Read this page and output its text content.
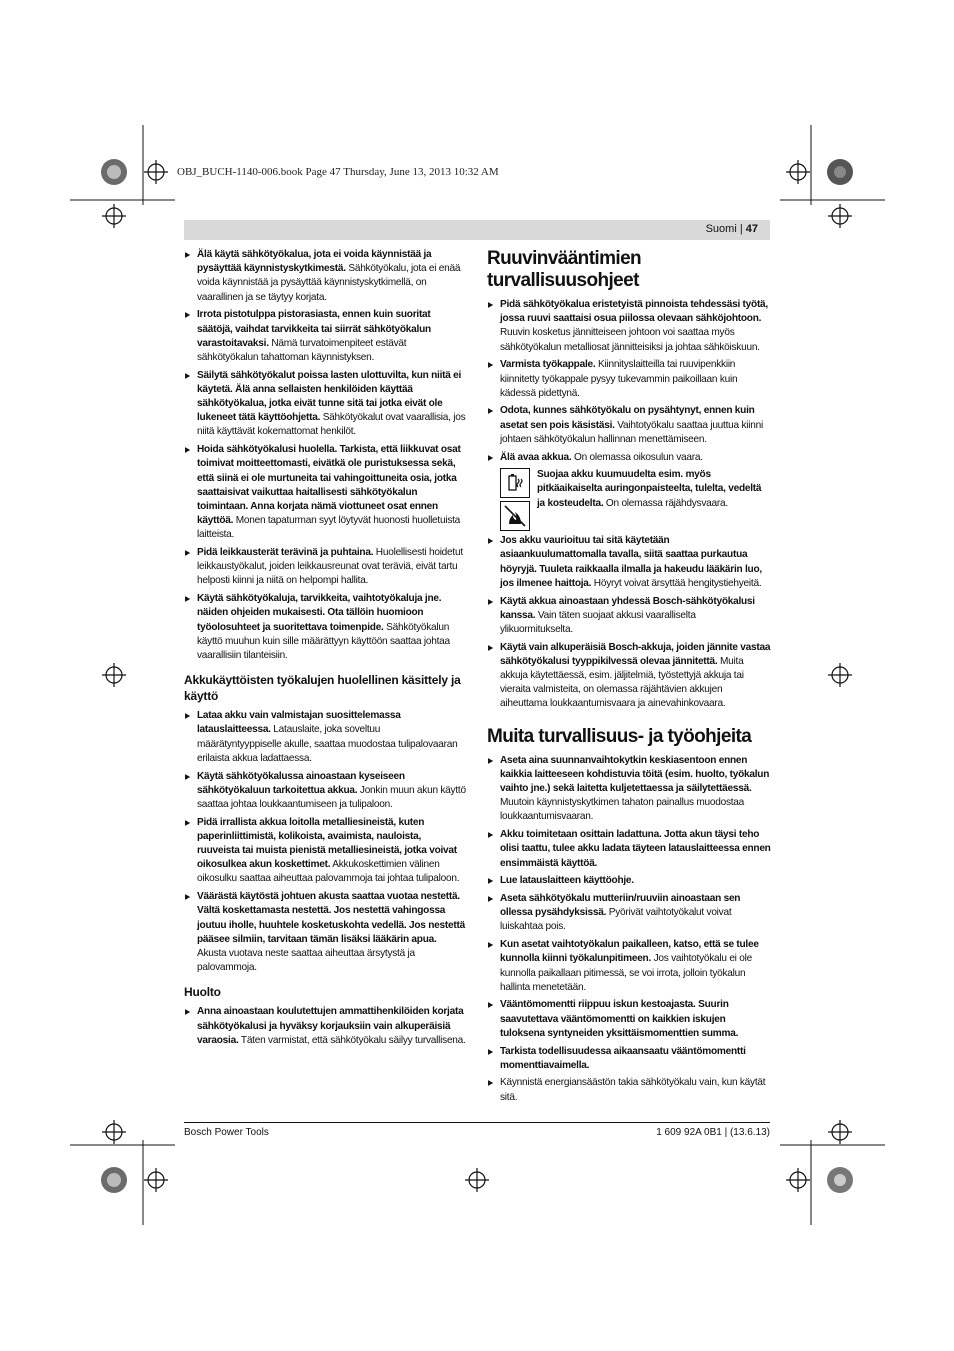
OBJ_BUCH-1140-006.book Page 47 Thursday, June 13, 2013 10:32 AM
Suomi | 47
▶ Älä käytä sähkötyökalua, jota ei voida käynnistää ja pysäyttää käynnistyskytkimestä. Sähkötyökalu, jota ei enää voida käynnistää ja pysäyttää käynnistyskytkimellä, on vaarallinen ja se täytyy korjata.
▶ Irrota pistotulppa pistorasiasta, ennen kuin suoritat säätöjä, vaihdat tarvikkeita tai siirrät sähkötyökalun varastoitavaksi. Nämä turvatoimenpiteet estävät sähkötyökalun tahattoman käynnistyksen.
▶ Säilytä sähkötyökalut poissa lasten ulottuvilta, kun niitä ei käytetä. Älä anna sellaisten henkilöiden käyttää sähkötyökalua, jotka eivät tunne sitä tai jotka eivät ole lukeneet tätä käyttöohjetta. Sähkötyökalut ovat vaarallisia, jos niitä käyttävät kokemattomat henkilöt.
▶ Hoida sähkötyökalusi huolella. Tarkista, että liikkuvat osat toimivat moitteettomasti, eivätkä ole puristuksessa sekä, että siinä ei ole murtuneita tai vahingoittuneita osia, jotka saattaisivat vaikuttaa haitallisesti sähkötyökalun toimintaan. Anna korjata nämä viottuneet osat ennen käyttöä. Monen tapaturman syyt löytyvät huonosti huolletuista laitteista.
▶ Pidä leikkausterät terävinä ja puhtaina. Huolellisesti hoidetut leikkaustyökalut, joiden leikkausreunat ovat teräviä, eivät tartu helposti kiinni ja niitä on helpompi hallita.
▶ Käytä sähkötyökaluja, tarvikkeita, vaihtotyökaluja jne. näiden ohjeiden mukaisesti. Ota tällöin huomioon työolosuhteet ja suoritettava toimenpide. Sähkötyökalun käyttö muuhun kuin sille määrättyyn käyttöön saattaa johtaa vaarallisiin tilanteisiin.
Akkukäyttöisten työkalujen huolellinen käsittely ja käyttö
▶ Lataa akku vain valmistajan suosittelemassa latauslaitteessa. Latauslaite, joka soveltuu määrätyntyyppiselle akulle, saattaa muodostaa tulipalovaaran erilaista akkua ladattaessa.
▶ Käytä sähkötyökalussa ainoastaan kyseiseen sähkötyökaluun tarkoitettua akkua. Jonkin muun akun käyttö saattaa johtaa loukkaantumiseen ja tulipaloon.
▶ Pidä irrallista akkua loitolla metalliesineistä, kuten paperinliittimistä, kolikoista, avaimista, nauloista, ruuveista tai muista pienistä metalliesineistä, jotka voivat oikosulkea akun koskettimet. Akkukoskettimien välinen oikosulku saattaa aiheuttaa palovammoja tai johtaa tulipaloon.
▶ Väärästä käytöstä johtuen akusta saattaa vuotaa nestettä. Vältä koskettamasta nestettä. Jos nestettä vahingossa joutuu iholle, huuhtele kosketuskohta vedellä. Jos nestettä pääsee silmiin, tarvitaan tämän lisäksi lääkärin apua. Akusta vuotava neste saattaa aiheuttaa ärsytystä ja palovammoja.
Huolto
▶ Anna ainoastaan koulutettujen ammattihenkilöiden korjata sähkötyökalusi ja hyväksy korjauksiin vain alkuperäisiä varaosia. Täten varmistat, että sähkötyökalu säilyy turvallisena.
Ruuvinvääntimien turvallisuusohjeet
▶ Pidä sähkötyökalua eristetyistä pinnoista tehdessäsi työtä, jossa ruuvi saattaisi osua piilossa olevaan sähköjohtoon. Ruuvin kosketus jännitteiseen johtoon voi saattaa myös sähkötyökalun metalliosat jännitteisiksi ja johtaa sähköiskuun.
▶ Varmista työkappale. Kiinnityslaitteilla tai ruuvipenkkiin kiinnitetty työkappale pysyy tukevammin paikoillaan kuin kädessä pidettynä.
▶ Odota, kunnes sähkötyökalu on pysähtynyt, ennen kuin asetat sen pois käsistäsi. Vaihtotyökalu saattaa juuttua kiinni johtaen sähkötyökalun hallinnan menettämiseen.
▶ Älä avaa akkua. On olemassa oikosulun vaara.
Suojaa akku kuumuudelta esim. myös pitkäaikaiselta auringonpaisteelta, tulelta, vedeltä ja kosteudelta. On olemassa räjähdysvaara.
▶ Jos akku vaurioituu tai sitä käytetään asiaankuulumattomalla tavalla, siitä saattaa purkautua höyryjä. Tuuleta raikkaalla ilmalla ja hakeudu lääkärin luo, jos ilmenee haittoja. Höyryt voivat ärsyttää hengitystiehyeitä.
▶ Käytä akkua ainoastaan yhdessä Bosch-sähkötyökalusi kanssa. Vain täten suojaat akkusi vaaralliselta ylikuormitukselta.
▶ Käytä vain alkuperäisiä Bosch-akkuja, joiden jännite vastaa sähkötyökalusi tyyppikilvessä olevaa jännitettä. Muita akkuja käytettäessä, esim. jäljitelmiä, työstettyjä akkuja tai vieraita valmisteita, on olemassa räjähtävien akkujen aiheuttama loukkaantumisvaara ja ainevahinkovaara.
Muita turvallisuus- ja työohjeita
▶ Aseta aina suunnanvaihtokytkin keskiasentoon ennen kaikkia laitteeseen kohdistuvia töitä (esim. huolto, työkalun vaihto jne.) sekä laitetta kuljetettaessa ja säilytettäessä. Muutoin käynnistyskytkimen tahaton painallus muodostaa loukkaantumisvaaran.
▶ Akku toimitetaan osittain ladattuna. Jotta akun täysi teho olisi taattu, tulee akku ladata täyteen latauslaitteessa ennen ensimmäistä käyttöä.
▶ Lue latauslaitteen käyttöohje.
▶ Aseta sähkötyökalu mutteriin/ruuviin ainoastaan sen ollessa pysähdyksissä. Pyörivät vaihtotyökalut voivat luiskahtaa pois.
▶ Kun asetat vaihtotyökalun paikalleen, katso, että se tulee kunnolla kiinni työkalunpitimeen. Jos vaihtotyökalu ei ole kunnolla paikallaan pitimessä, se voi irrota, jolloin työkalun hallinta menetetään.
▶ Vääntömomentti riippuu iskun kestoajasta. Suurin saavutettava vääntömomentti on kaikkien iskujen tuloksena syntyneiden yksittäismomenttien summa.
▶ Tarkista todellisuudessa aikaansaatu vääntömomentti momenttiavaimella.
▶ Käynnistä energiansäästön takia sähkötyökalu vain, kun käytät sitä.
Bosch Power Tools	1 609 92A 0B1 | (13.6.13)
